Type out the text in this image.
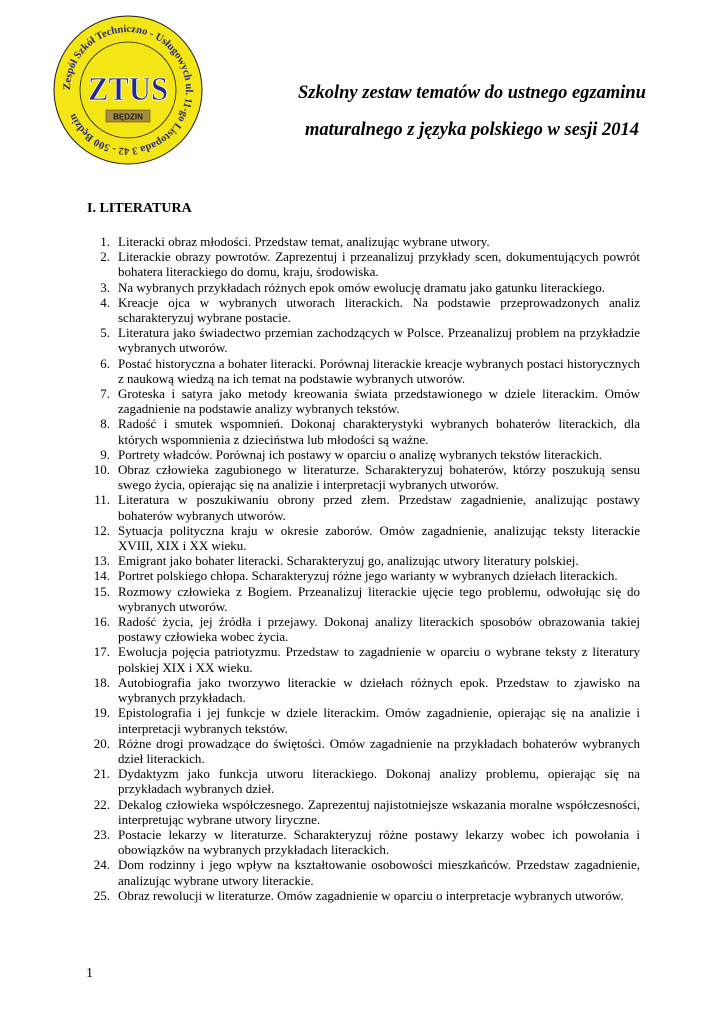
Zespół Szkół Techniczno - Usługowych ul. 11-go Listopada 3 42 - 500 Będzin
ZTUS
BĘDZIN
Szkolny zestaw tematów do ustnego egzaminu
maturalnego z języka polskiego w sesji 2014
I. LITERATURA
1. Literacki obraz młodości. Przedstaw temat, analizując wybrane utwory.
2. Literackie obrazy powrotów. Zaprezentuj i przeanalizuj przykłady scen, dokumentujących powrót bohatera literackiego do domu, kraju, środowiska.
3. Na wybranych przykładach różnych epok omów ewolucję dramatu jako gatunku literackiego.
4. Kreacje ojca w wybranych utworach literackich. Na podstawie przeprowadzonych analiz scharakteryzuj wybrane postacie.
5. Literatura jako świadectwo przemian zachodzących w Polsce. Przeanalizuj problem na przykładzie wybranych utworów.
6. Postać historyczna a bohater literacki. Porównaj literackie kreacje wybranych postaci historycznych z naukową wiedzą na ich temat na podstawie wybranych utworów.
7. Groteska i satyra jako metody kreowania świata przedstawionego w dziele literackim. Omów zagadnienie na podstawie analizy wybranych tekstów.
8. Radość i smutek wspomnień. Dokonaj charakterystyki wybranych bohaterów literackich, dla których wspomnienia z dzieciństwa lub młodości są ważne.
9. Portrety władców. Porównaj ich postawy w oparciu o analizę wybranych tekstów literackich.
10. Obraz człowieka zagubionego w literaturze. Scharakteryzuj bohaterów, którzy poszukują sensu swego życia, opierając się na analizie i interpretacji wybranych utworów.
11. Literatura w poszukiwaniu obrony przed złem. Przedstaw zagadnienie, analizując postawy bohaterów wybranych utworów.
12. Sytuacja polityczna kraju w okresie zaborów. Omów zagadnienie, analizując teksty literackie XVIII, XIX i XX wieku.
13. Emigrant jako bohater literacki. Scharakteryzuj go, analizując utwory literatury polskiej.
14. Portret polskiego chłopa. Scharakteryzuj różne jego warianty w wybranych dziełach literackich.
15. Rozmowy człowieka z Bogiem. Przeanalizuj literackie ujęcie tego problemu, odwołując się do wybranych utworów.
16. Radość życia, jej źródła i przejawy. Dokonaj analizy literackich sposobów obrazowania takiej postawy człowieka wobec życia.
17. Ewolucja pojęcia patriotyzmu. Przedstaw to zagadnienie w oparciu o wybrane teksty z literatury polskiej XIX i XX wieku.
18. Autobiografia jako tworzywo literackie w dziełach różnych epok. Przedstaw to zjawisko na wybranych przykładach.
19. Epistolografia i jej funkcje w dziele literackim. Omów zagadnienie, opierając się na analizie i interpretacji wybranych tekstów.
20. Różne drogi prowadzące do świętości. Omów zagadnienie na przykładach bohaterów wybranych dzieł literackich.
21. Dydaktyzm jako funkcja utworu literackiego. Dokonaj analizy problemu, opierając się na przykładach wybranych dzieł.
22. Dekalog człowieka współczesnego. Zaprezentuj najistotniejsze wskazania moralne współczesności, interpretując wybrane utwory liryczne.
23. Postacie lekarzy w literaturze. Scharakteryzuj różne postawy lekarzy wobec ich powołania i obowiązków na wybranych przykładach literackich.
24. Dom rodzinny i jego wpływ na kształtowanie osobowości mieszkańców. Przedstaw zagadnienie, analizując wybrane utwory literackie.
25. Obraz rewolucji w literaturze. Omów zagadnienie w oparciu o interpretacje wybranych utworów.
1
